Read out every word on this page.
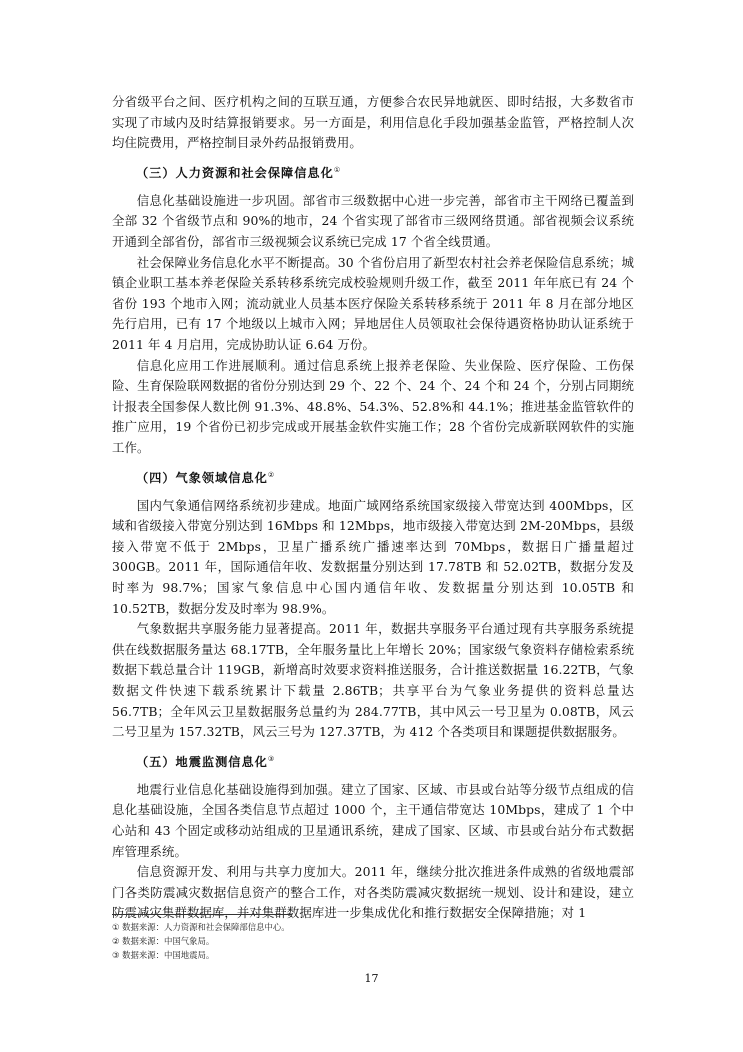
分省级平台之间、医疗机构之间的互联互通，方便参合农民异地就医、即时结报，大多数省市实现了市域内及时结算报销要求。另一方面是，利用信息化手段加强基金监管，严格控制人次均住院费用，严格控制目录外药品报销费用。

（三）人力资源和社会保障信息化①

信息化基础设施进一步巩固。部省市三级数据中心进一步完善，部省市主干网络已覆盖到全部 32 个省级节点和 90%的地市，24 个省实现了部省市三级网络贯通。部省视频会议系统开通到全部省份，部省市三级视频会议系统已完成 17 个省全线贯通。

社会保障业务信息化水平不断提高。30 个省份启用了新型农村社会养老保险信息系统；城镇企业职工基本养老保险关系转移系统完成校验规则升级工作，截至 2011 年年底已有 24 个省份 193 个地市入网；流动就业人员基本医疗保险关系转移系统于 2011 年 8 月在部分地区先行启用，已有 17 个地级以上城市入网；异地居住人员领取社会保待遇资格协助认证系统于 2011 年 4 月启用，完成协助认证 6.64 万份。

信息化应用工作进展顺利。通过信息系统上报养老保险、失业保险、医疗保险、工伤保险、生育保险联网数据的省份分别达到 29 个、22 个、24 个、24 个和 24 个，分别占同期统计报表全国参保人数比例 91.3%、48.8%、54.3%、52.8%和 44.1%；推进基金监管软件的推广应用，19 个省份已初步完成或开展基金软件实施工作；28 个省份完成新联网软件的实施工作。

（四）气象领域信息化②

国内气象通信网络系统初步建成。地面广域网络系统国家级接入带宽达到 400Mbps，区域和省级接入带宽分别达到 16Mbps 和 12Mbps，地市级接入带宽达到 2M-20Mbps，县级接入带宽不低于 2Mbps，卫星广播系统广播速率达到 70Mbps，数据日广播量超过 300GB。2011 年，国际通信年收、发数据量分别达到 17.78TB 和 52.02TB，数据分发及时率为 98.7%；国家气象信息中心国内通信年收、发数据量分别达到 10.05TB 和 10.52TB，数据分发及时率为 98.9%。

气象数据共享服务能力显著提高。2011 年，数据共享服务平台通过现有共享服务系统提供在线数据服务量达 68.17TB，全年服务量比上年增长 20%；国家级气象资料存储检索系统数据下载总量合计 119GB，新增高时效要求资料推送服务，合计推送数据量 16.22TB，气象数据文件快速下载系统累计下载量 2.86TB；共享平台为气象业务提供的资料总量达 56.7TB；全年风云卫星数据服务总量约为 284.77TB，其中风云一号卫星为 0.08TB，风云二号卫星为 157.32TB，风云三号为 127.37TB，为 412 个各类项目和课题提供数据服务。

（五）地震监测信息化③

地震行业信息化基础设施得到加强。建立了国家、区域、市县或台站等分级节点组成的信息化基础设施，全国各类信息节点超过 1000 个，主干通信带宽达 10Mbps，建成了 1 个中心站和 43 个固定或移动站组成的卫星通讯系统，建成了国家、区域、市县或台站分布式数据库管理系统。

信息资源开发、利用与共享力度加大。2011 年，继续分批次推进条件成熟的省级地震部门各类防震减灾数据信息资产的整合工作，对各类防震减灾数据统一规划、设计和建设，建立防震减灾集群数据库，并对集群数据库进一步集成优化和推行数据安全保障措施；对 1

① 数据来源：人力资源和社会保障部信息中心。
② 数据来源：中国气象局。
③ 数据来源：中国地震局。
17
